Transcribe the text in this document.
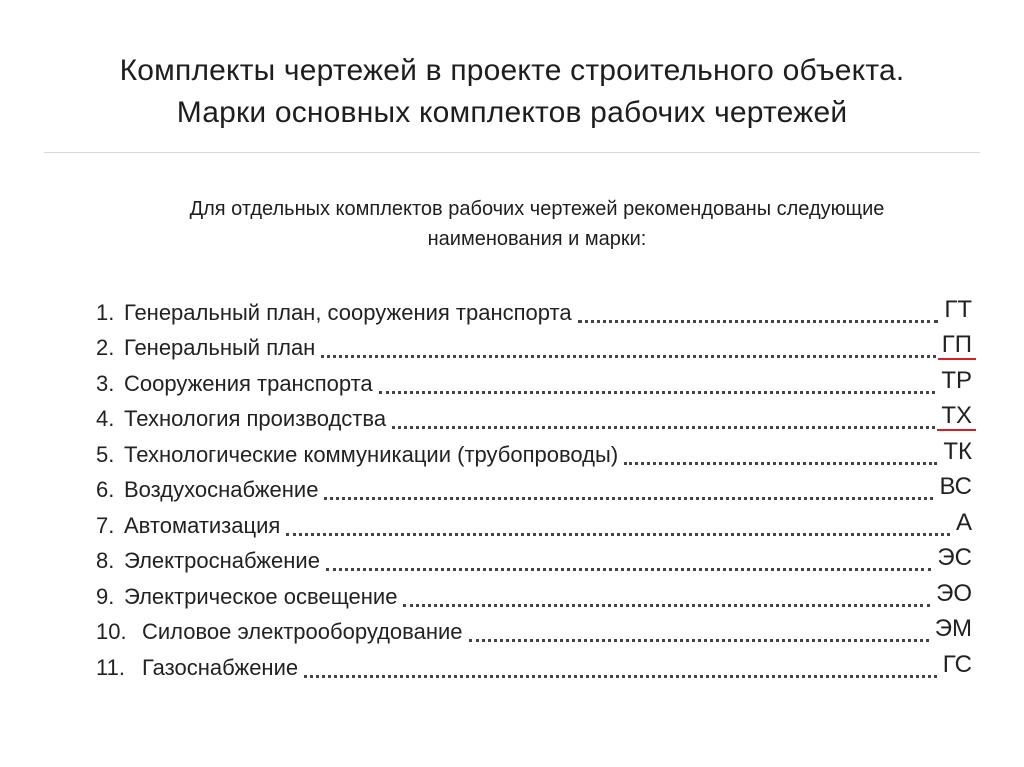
Комплекты чертежей в проекте строительного объекта.
Марки основных комплектов рабочих чертежей
Для отдельных комплектов рабочих чертежей рекомендованы следующие
наименования и марки:
1. Генеральный план, сооружения транспорта	ГТ
2. Генеральный план	ГП
3. Сооружения транспорта	ТР
4. Технология производства	ТХ
5. Технологические коммуникации (трубопроводы)	ТК
6. Воздухоснабжение	ВС
7. Автоматизация	А
8. Электроснабжение	ЭС
9. Электрическое освещение	ЭО
10. Силовое электрооборудование	ЭМ
11. Газоснабжение	ГС
